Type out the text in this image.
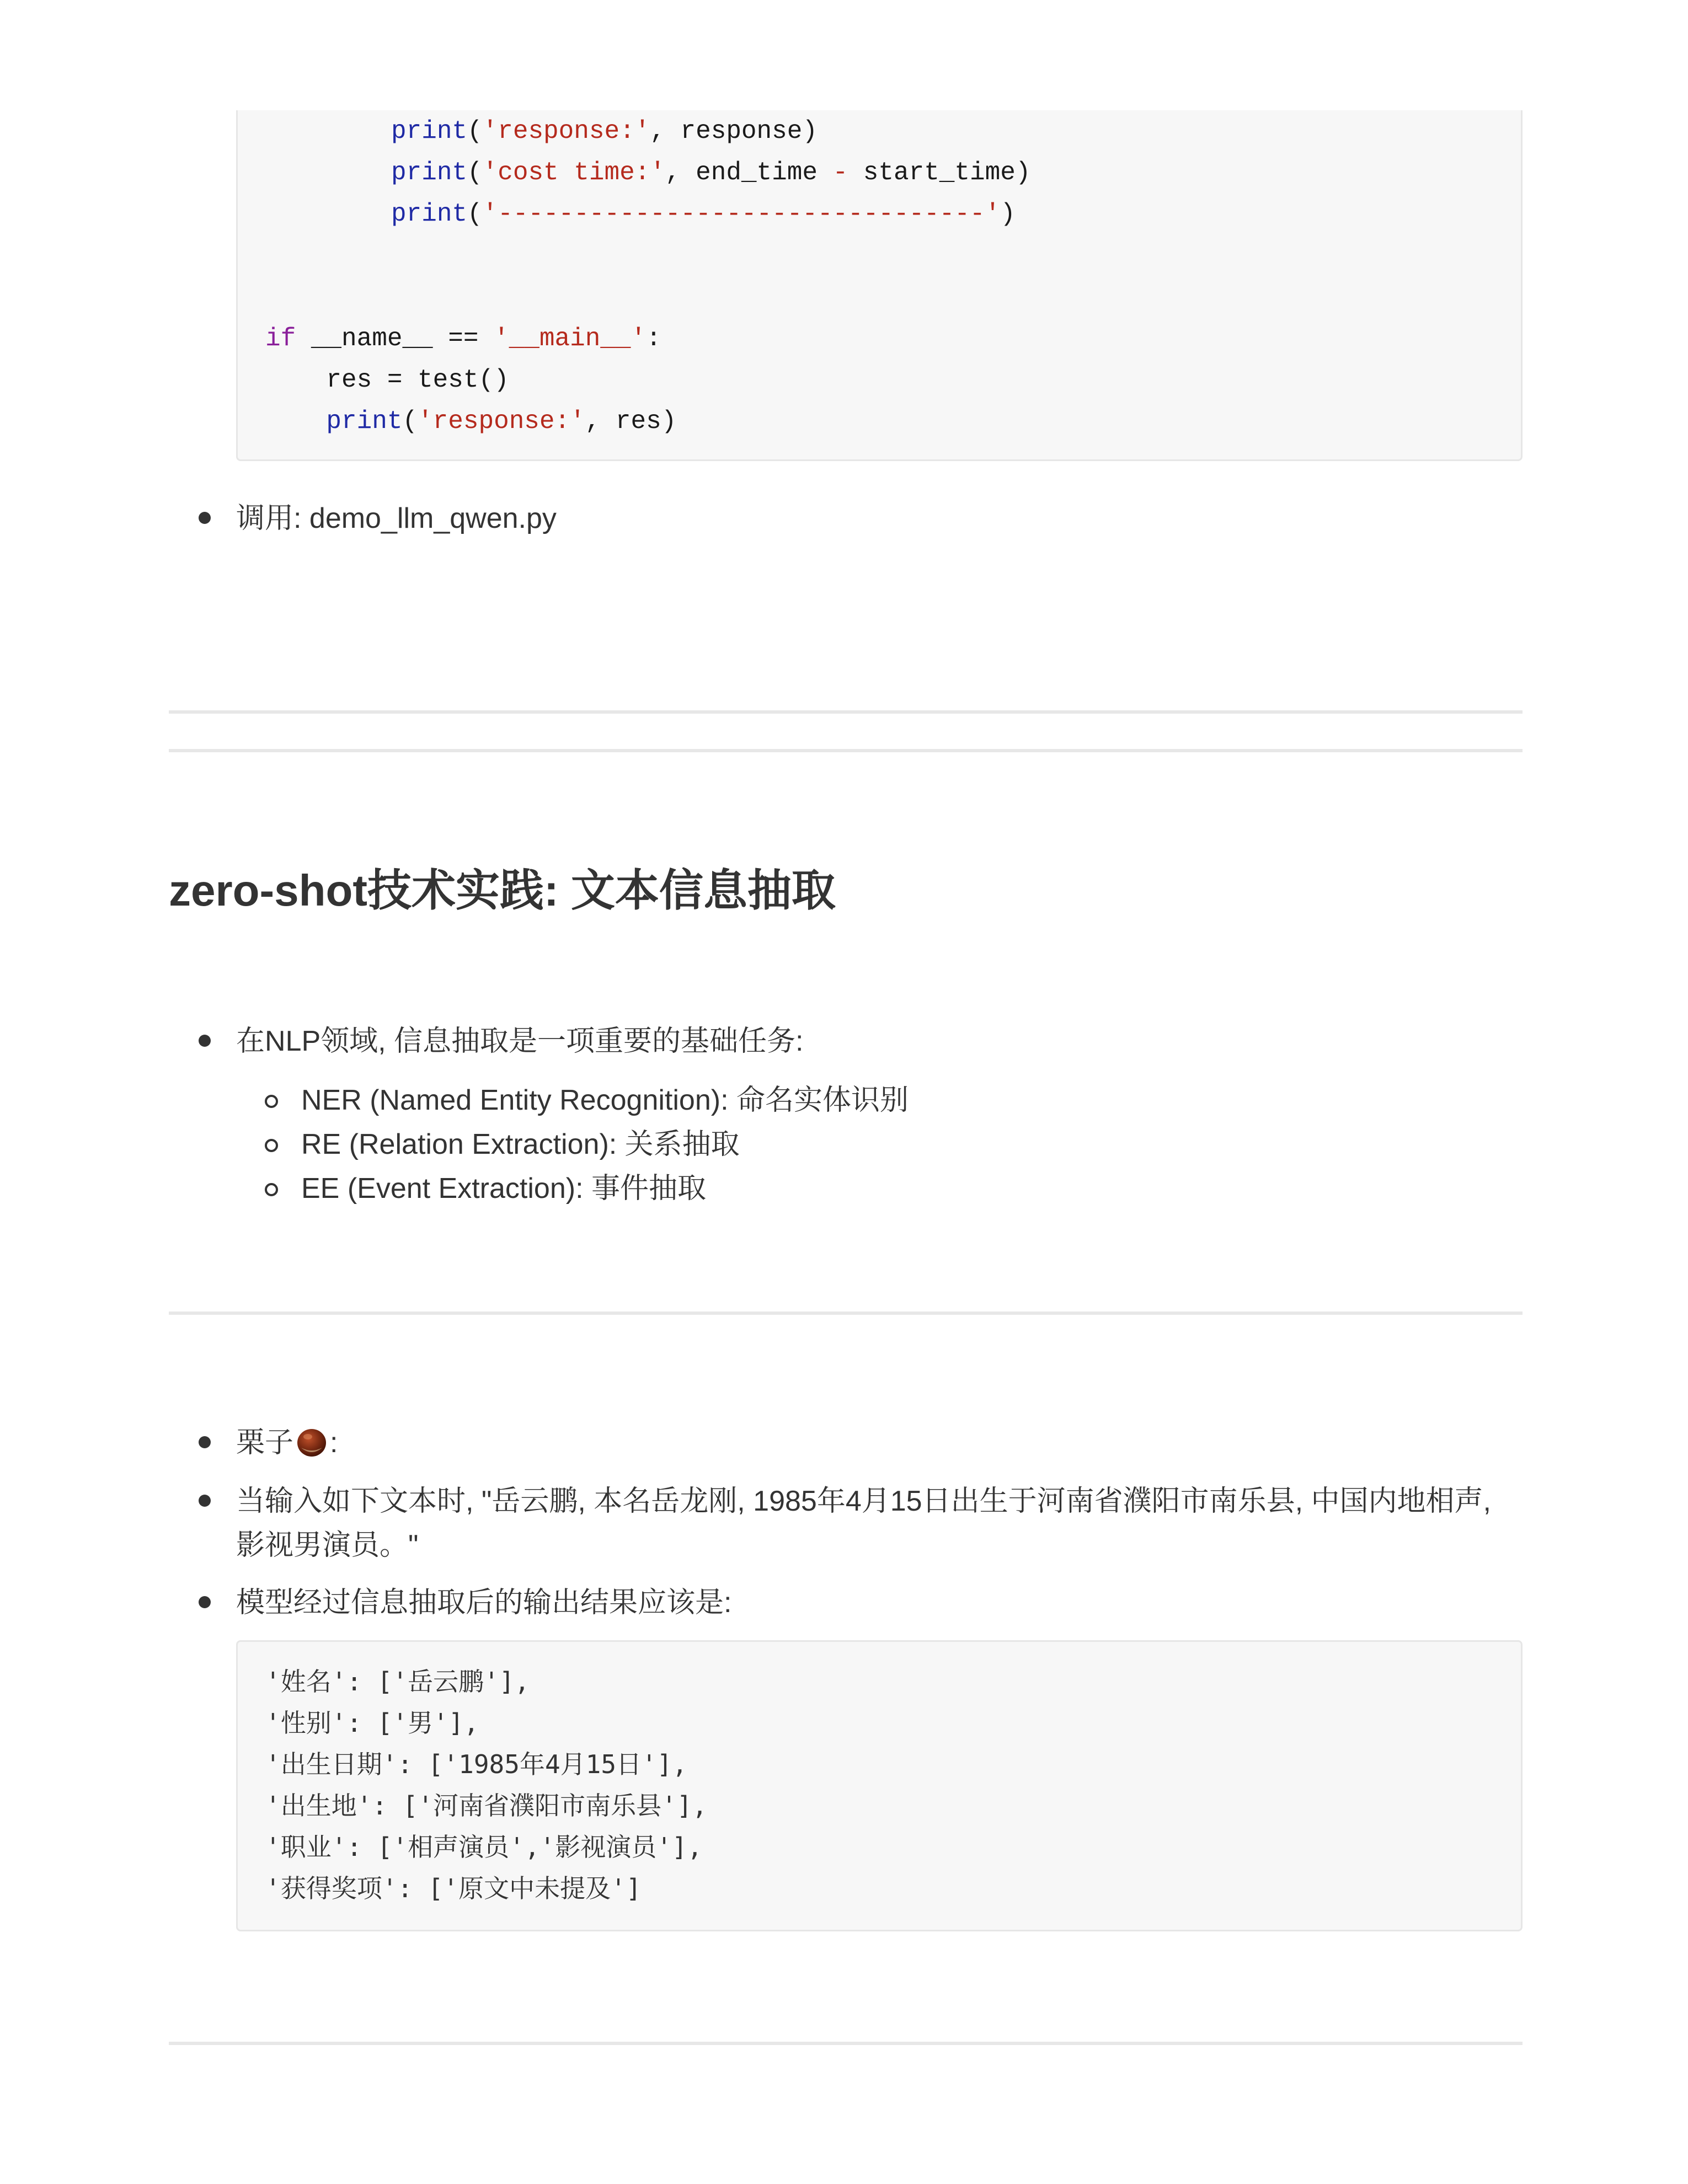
print('response:', response)
print('cost time:', end_time - start_time)
print('--------------------------------')
if __name__ == '__main__':
res = test()
print('response:', res)
调用: demo_llm_qwen.py
zero-shot技术实践: 文本信息抽取
在NLP领域, 信息抽取是一项重要的基础任务:
NER (Named Entity Recognition): 命名实体识别
RE (Relation Extraction): 关系抽取
EE (Event Extraction): 事件抽取
栗子 :
当输入如下文本时, "岳云鹏, 本名岳龙刚, 1985年4月15日出生于河南省濮阳市南乐县, 中国内地相声,
影视男演员。"
模型经过信息抽取后的输出结果应该是:
'姓名': ['岳云鹏'],
'性别': ['男'],
'出生日期': ['1985年4月15日'],
'出生地': ['河南省濮阳市南乐县'],
'职业': ['相声演员','影视演员'],
'获得奖项': ['原文中未提及']
